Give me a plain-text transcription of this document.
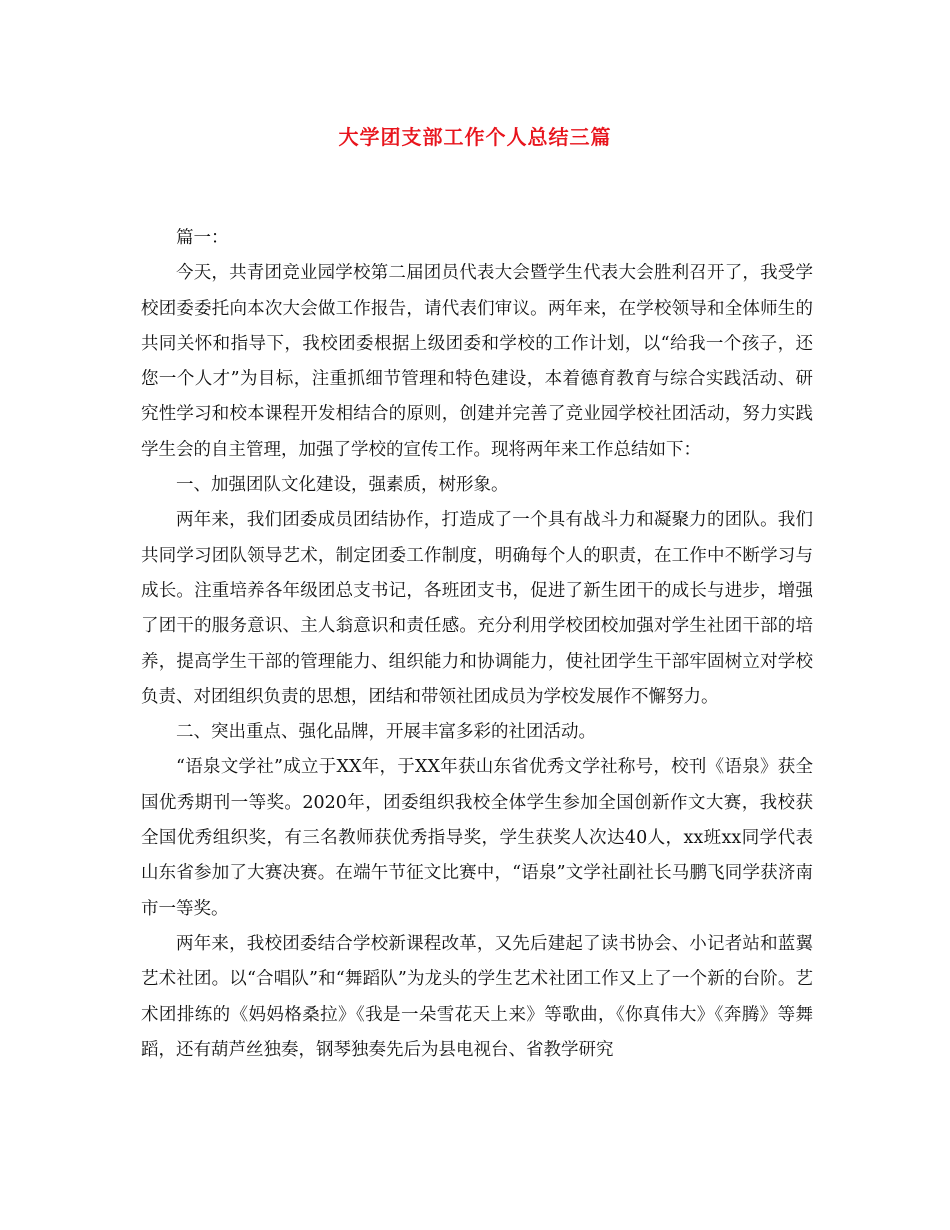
大学团支部工作个人总结三篇

篇一：

今天，共青团竞业园学校第二届团员代表大会暨学生代表大会胜利召开了，我受学校团委委托向本次大会做工作报告，请代表们审议。两年来，在学校领导和全体师生的共同关怀和指导下，我校团委根据上级团委和学校的工作计划，以“给我一个孩子，还您一个人才”为目标，注重抓细节管理和特色建设，本着德育教育与综合实践活动、研究性学习和校本课程开发相结合的原则，创建并完善了竞业园学校社团活动，努力实践学生会的自主管理，加强了学校的宣传工作。现将两年来工作总结如下：

一、加强团队文化建设，强素质，树形象。

两年来，我们团委成员团结协作，打造成了一个具有战斗力和凝聚力的团队。我们共同学习团队领导艺术，制定团委工作制度，明确每个人的职责，在工作中不断学习与成长。注重培养各年级团总支书记，各班团支书，促进了新生团干的成长与进步，增强了团干的服务意识、主人翁意识和责任感。充分利用学校团校加强对学生社团干部的培养，提高学生干部的管理能力、组织能力和协调能力，使社团学生干部牢固树立对学校负责、对团组织负责的思想，团结和带领社团成员为学校发展作不懈努力。

二、突出重点、强化品牌，开展丰富多彩的社团活动。

“语泉文学社”成立于XX年，于XX年获山东省优秀文学社称号，校刊《语泉》获全国优秀期刊一等奖。2020年，团委组织我校全体学生参加全国创新作文大赛，我校获全国优秀组织奖，有三名教师获优秀指导奖，学生获奖人次达40人，xx班xx同学代表山东省参加了大赛决赛。在端午节征文比赛中，“语泉”文学社副社长马鹏飞同学获济南市一等奖。

两年来，我校团委结合学校新课程改革，又先后建起了读书协会、小记者站和蓝翼艺术社团。以“合唱队”和“舞蹈队”为龙头的学生艺术社团工作又上了一个新的台阶。艺术团排练的《妈妈格桑拉》《我是一朵雪花天上来》等歌曲，《你真伟大》《奔腾》等舞蹈，还有葫芦丝独奏，钢琴独奏先后为县电视台、省教学研究
